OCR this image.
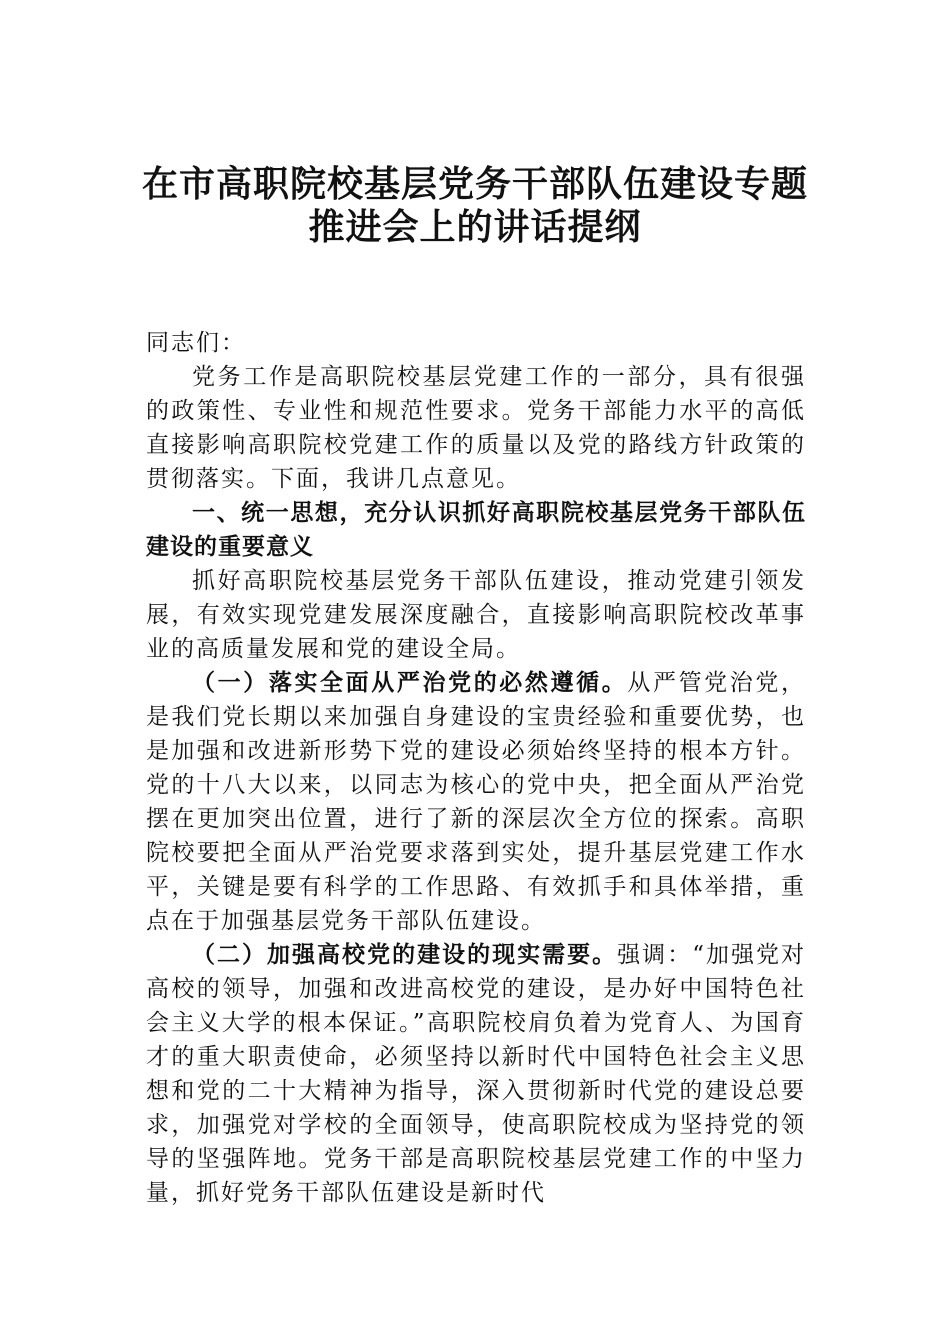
在市高职院校基层党务干部队伍建设专题
推进会上的讲话提纲

同志们：

党务工作是高职院校基层党建工作的一部分，具有很强的政策性、专业性和规范性要求。党务干部能力水平的高低直接影响高职院校党建工作的质量以及党的路线方针政策的贯彻落实。下面，我讲几点意见。

一、统一思想，充分认识抓好高职院校基层党务干部队伍建设的重要意义

抓好高职院校基层党务干部队伍建设，推动党建引领发展，有效实现党建发展深度融合，直接影响高职院校改革事业的高质量发展和党的建设全局。

（一）落实全面从严治党的必然遵循。从严管党治党，是我们党长期以来加强自身建设的宝贵经验和重要优势，也是加强和改进新形势下党的建设必须始终坚持的根本方针。党的十八大以来，以同志为核心的党中央，把全面从严治党摆在更加突出位置，进行了新的深层次全方位的探索。高职院校要把全面从严治党要求落到实处，提升基层党建工作水平，关键是要有科学的工作思路、有效抓手和具体举措，重点在于加强基层党务干部队伍建设。

（二）加强高校党的建设的现实需要。强调：“加强党对高校的领导，加强和改进高校党的建设，是办好中国特色社会主义大学的根本保证。”高职院校肩负着为党育人、为国育才的重大职责使命，必须坚持以新时代中国特色社会主义思想和党的二十大精神为指导，深入贯彻新时代党的建设总要求，加强党对学校的全面领导，使高职院校成为坚持党的领导的坚强阵地。党务干部是高职院校基层党建工作的中坚力量，抓好党务干部队伍建设是新时代
